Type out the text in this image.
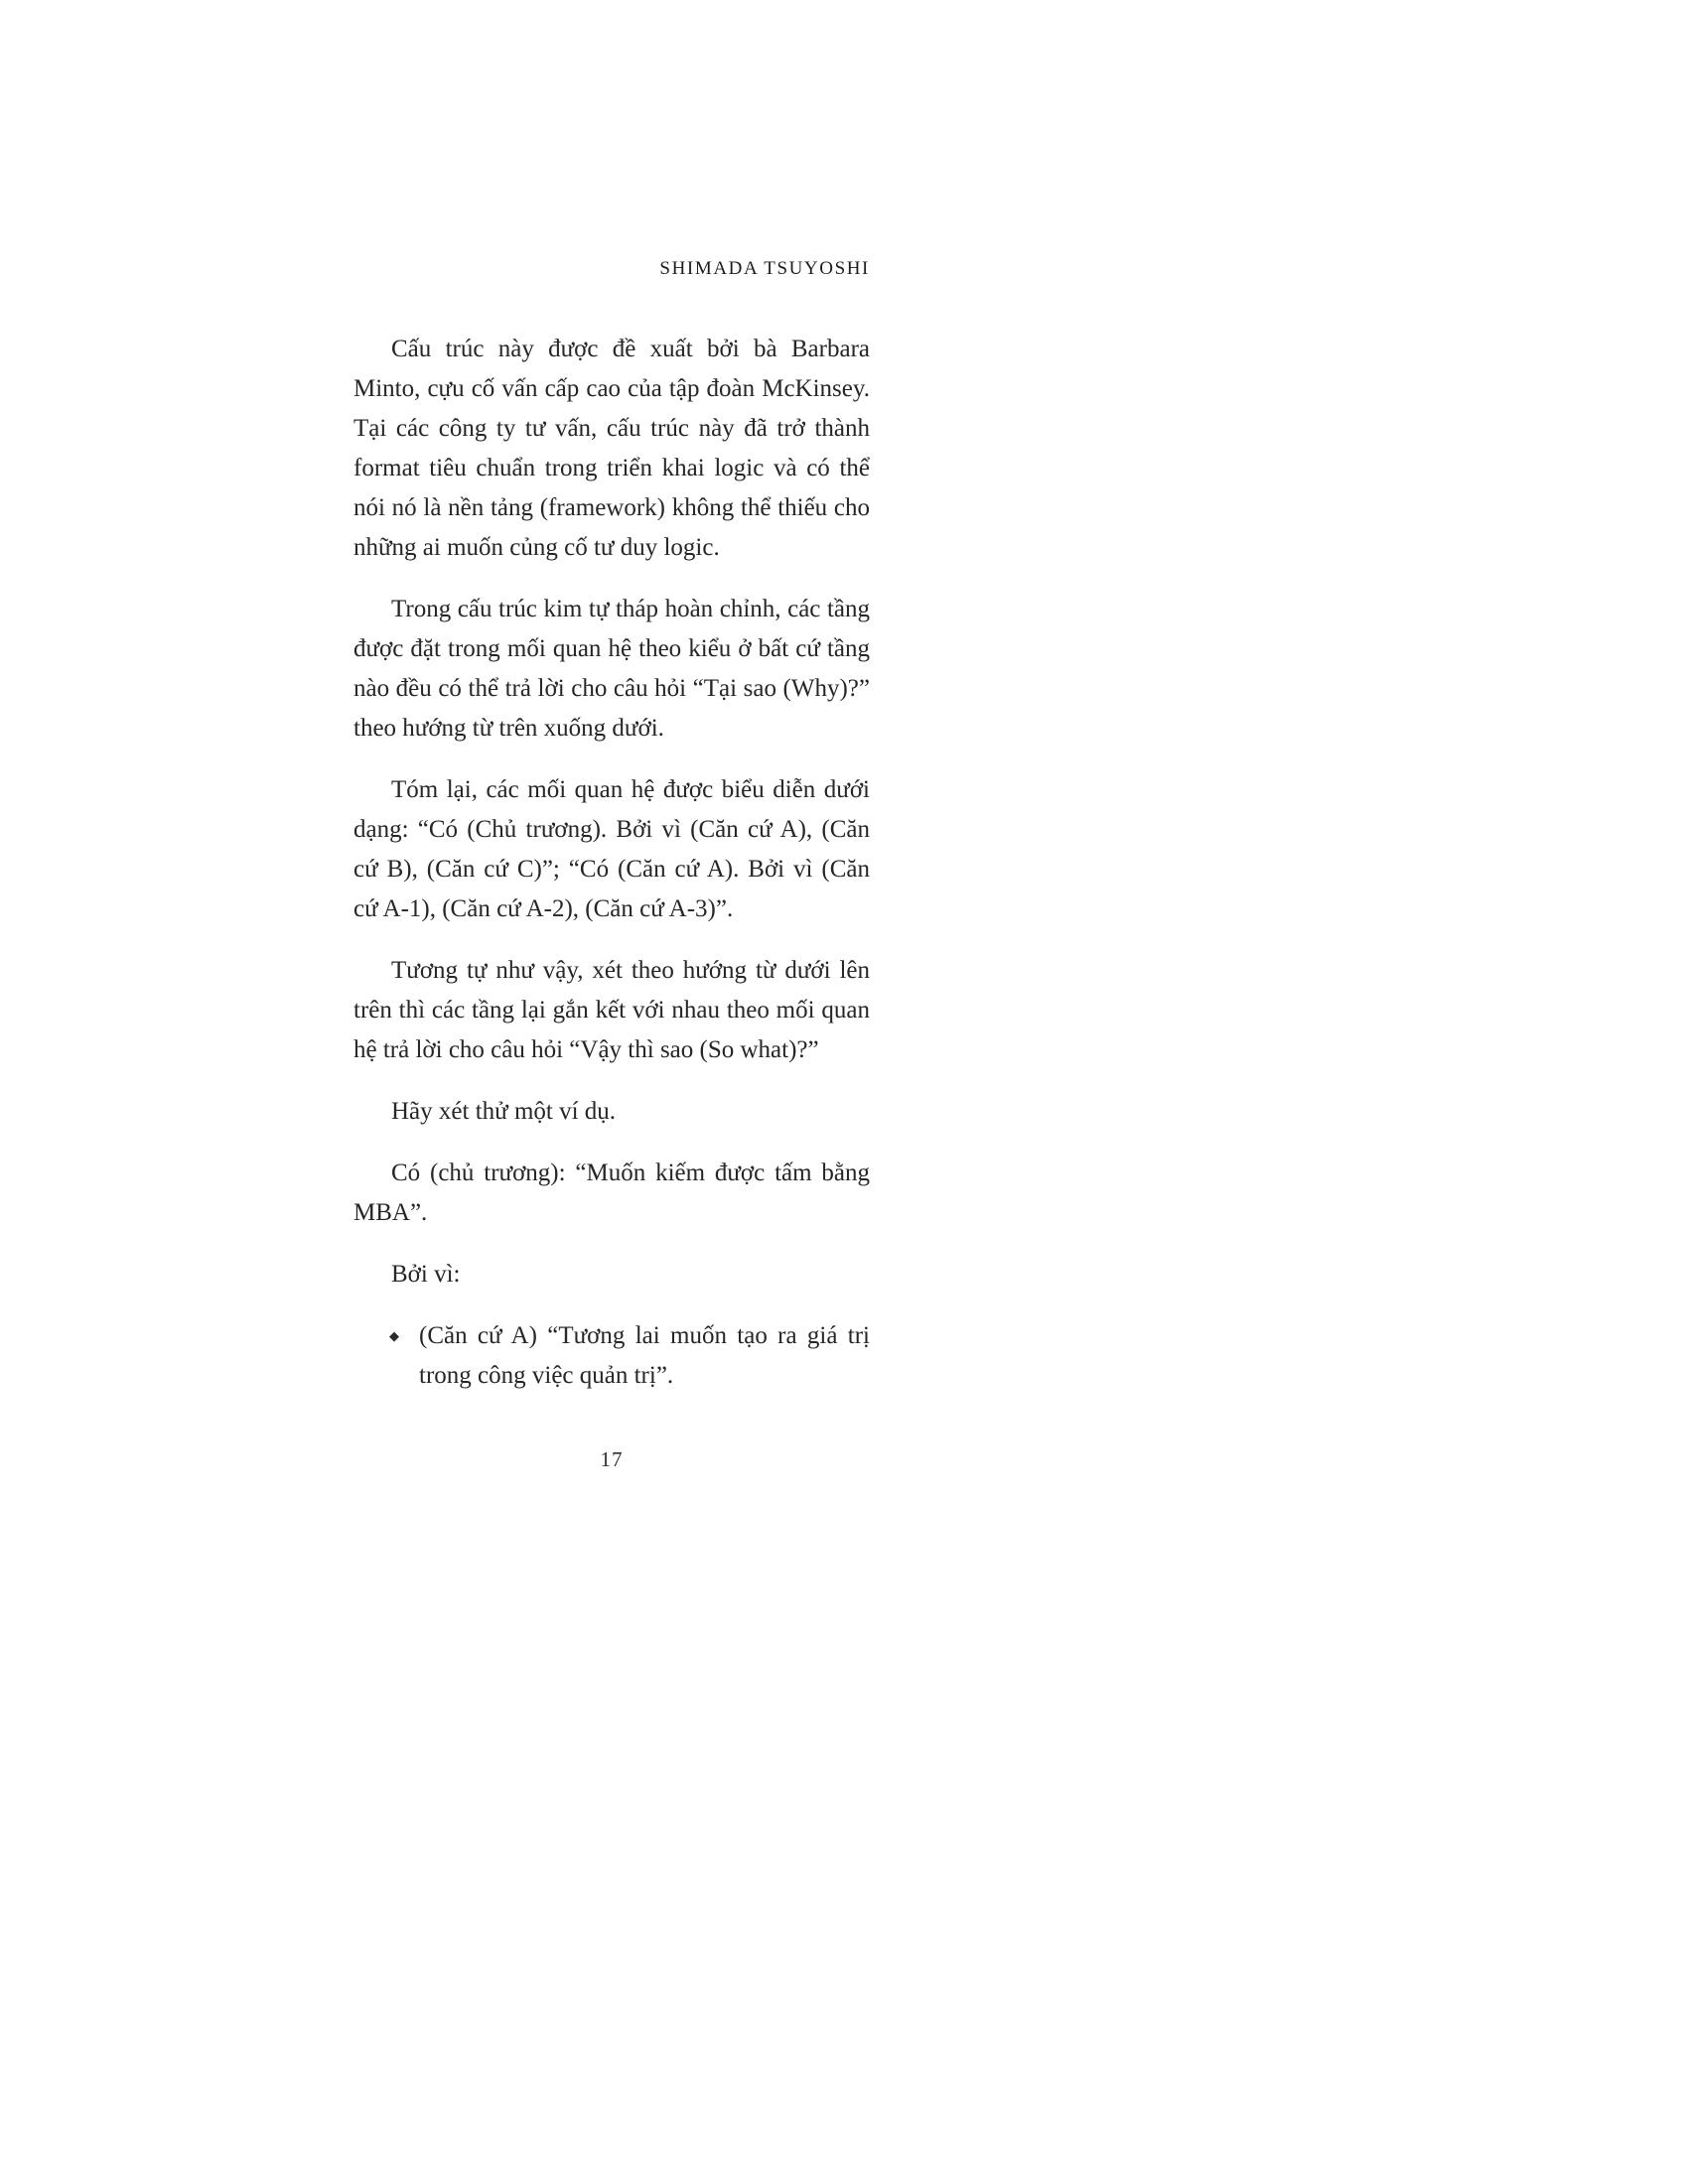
SHIMADA TSUYOSHI

Cấu trúc này được đề xuất bởi bà Barbara Minto, cựu cố vấn cấp cao của tập đoàn McKinsey. Tại các công ty tư vấn, cấu trúc này đã trở thành format tiêu chuẩn trong triển khai logic và có thể nói nó là nền tảng (framework) không thể thiếu cho những ai muốn củng cố tư duy logic.

Trong cấu trúc kim tự tháp hoàn chỉnh, các tầng được đặt trong mối quan hệ theo kiểu ở bất cứ tầng nào đều có thể trả lời cho câu hỏi “Tại sao (Why)?” theo hướng từ trên xuống dưới.

Tóm lại, các mối quan hệ được biểu diễn dưới dạng: “Có (Chủ trương). Bởi vì (Căn cứ A), (Căn cứ B), (Căn cứ C)”; “Có (Căn cứ A). Bởi vì (Căn cứ A-1), (Căn cứ A-2), (Căn cứ A-3)”.

Tương tự như vậy, xét theo hướng từ dưới lên trên thì các tầng lại gắn kết với nhau theo mối quan hệ trả lời cho câu hỏi “Vậy thì sao (So what)?”

Hãy xét thử một ví dụ.

Có (chủ trương): “Muốn kiếm được tấm bằng MBA”.

Bởi vì:

◆ (Căn cứ A) “Tương lai muốn tạo ra giá trị trong công việc quản trị”.
17
